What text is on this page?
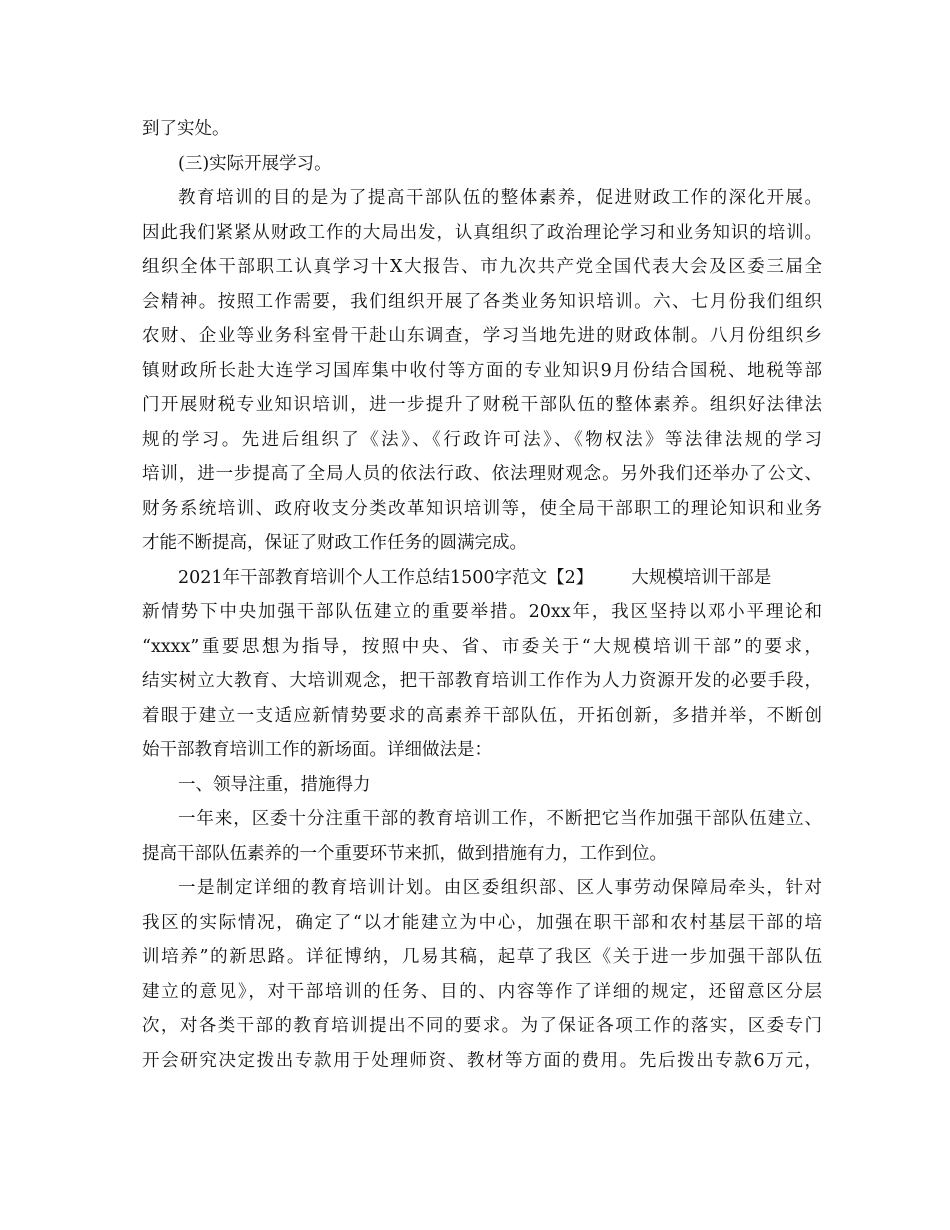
到了实处。
(三)实际开展学习。
教育培训的目的是为了提高干部队伍的整体素养，促进财政工作的深化开展。
因此我们紧紧从财政工作的大局出发，认真组织了政治理论学习和业务知识的培训。
组织全体干部职工认真学习十X大报告、市九次共产党全国代表大会及区委三届全
会精神。按照工作需要，我们组织开展了各类业务知识培训。六、七月份我们组织
农财、企业等业务科室骨干赴山东调查，学习当地先进的财政体制。八月份组织乡
镇财政所长赴大连学习国库集中收付等方面的专业知识9月份结合国税、地税等部
门开展财税专业知识培训，进一步提升了财税干部队伍的整体素养。组织好法律法
规的学习。先进后组织了《法》、《行政许可法》、《物权法》等法律法规的学习
培训，进一步提高了全局人员的依法行政、依法理财观念。另外我们还举办了公文、
财务系统培训、政府收支分类改革知识培训等，使全局干部职工的理论知识和业务
才能不断提高，保证了财政工作任务的圆满完成。
2021年干部教育培训个人工作总结1500字范文【2】 大规模培训干部是
新情势下中央加强干部队伍建立的重要举措。20xx年，我区坚持以邓小平理论和
“xxxx”重要思想为指导，按照中央、省、市委关于“大规模培训干部”的要求，
结实树立大教育、大培训观念，把干部教育培训工作作为人力资源开发的必要手段，
着眼于建立一支适应新情势要求的高素养干部队伍，开拓创新，多措并举，不断创
始干部教育培训工作的新场面。详细做法是：
一、领导注重，措施得力
一年来，区委十分注重干部的教育培训工作，不断把它当作加强干部队伍建立、
提高干部队伍素养的一个重要环节来抓，做到措施有力，工作到位。
一是制定详细的教育培训计划。由区委组织部、区人事劳动保障局牵头，针对
我区的实际情况，确定了“以才能建立为中心，加强在职干部和农村基层干部的培
训培养”的新思路。详征博纳，几易其稿，起草了我区《关于进一步加强干部队伍
建立的意见》，对干部培训的任务、目的、内容等作了详细的规定，还留意区分层
次，对各类干部的教育培训提出不同的要求。为了保证各项工作的落实，区委专门
开会研究决定拨出专款用于处理师资、教材等方面的费用。先后拨出专款6万元，
